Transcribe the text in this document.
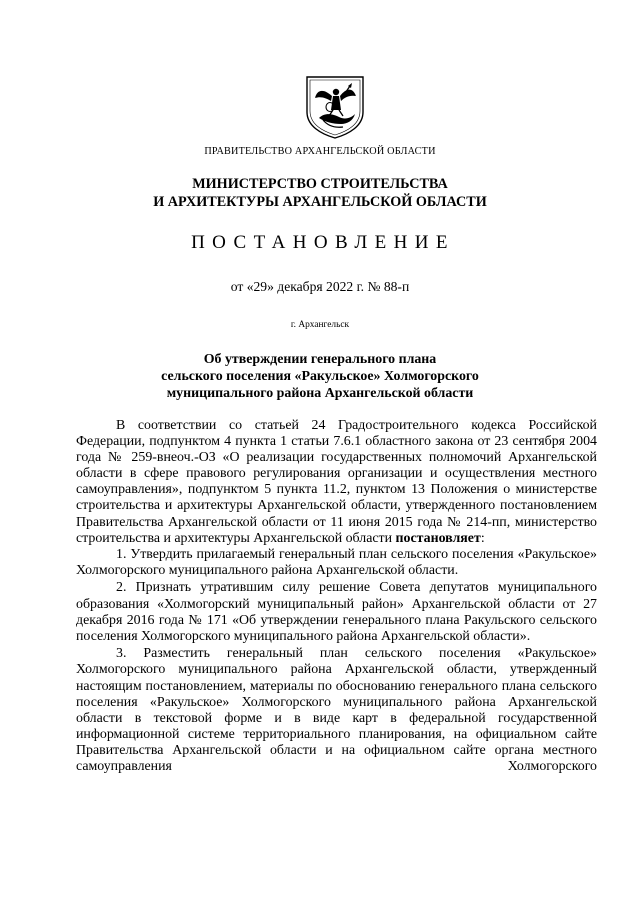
ПРАВИТЕЛЬСТВО АРХАНГЕЛЬСКОЙ ОБЛАСТИ
МИНИСТЕРСТВО СТРОИТЕЛЬСТВА
И АРХИТЕКТУРЫ АРХАНГЕЛЬСКОЙ ОБЛАСТИ
ПОСТАНОВЛЕНИЕ
от «29» декабря 2022 г. № 88-п
г. Архангельск
Об утверждении генерального плана
сельского поселения «Ракульское» Холмогорского
муниципального района Архангельской области

В соответствии со статьей 24 Градостроительного кодекса Российской Федерации, подпунктом 4 пункта 1 статьи 7.6.1 областного закона от 23 сентября 2004 года № 259-внеоч.-ОЗ «О реализации государственных полномочий Архангельской области в сфере правового регулирования организации и осуществления местного самоуправления», подпунктом 5 пункта 11.2, пунктом 13 Положения о министерстве строительства и архитектуры Архангельской области, утвержденного постановлением Правительства Архангельской области от 11 июня 2015 года № 214-пп, министерство строительства и архитектуры Архангельской области постановляет:

1. Утвердить прилагаемый генеральный план сельского поселения «Ракульское» Холмогорского муниципального района Архангельской области.

2. Признать утратившим силу решение Совета депутатов муниципального образования «Холмогорский муниципальный район» Архангельской области от 27 декабря 2016 года № 171 «Об утверждении генерального плана Ракульского сельского поселения Холмогорского муниципального района Архангельской области».

3. Разместить генеральный план сельского поселения «Ракульское» Холмогорского муниципального района Архангельской области, утвержденный настоящим постановлением, материалы по обоснованию генерального плана сельского поселения «Ракульское» Холмогорского муниципального района Архангельской области в текстовой форме и в виде карт в федеральной государственной информационной системе территориального планирования, на официальном сайте Правительства Архангельской области и на официальном сайте органа местного самоуправления Холмогорского
